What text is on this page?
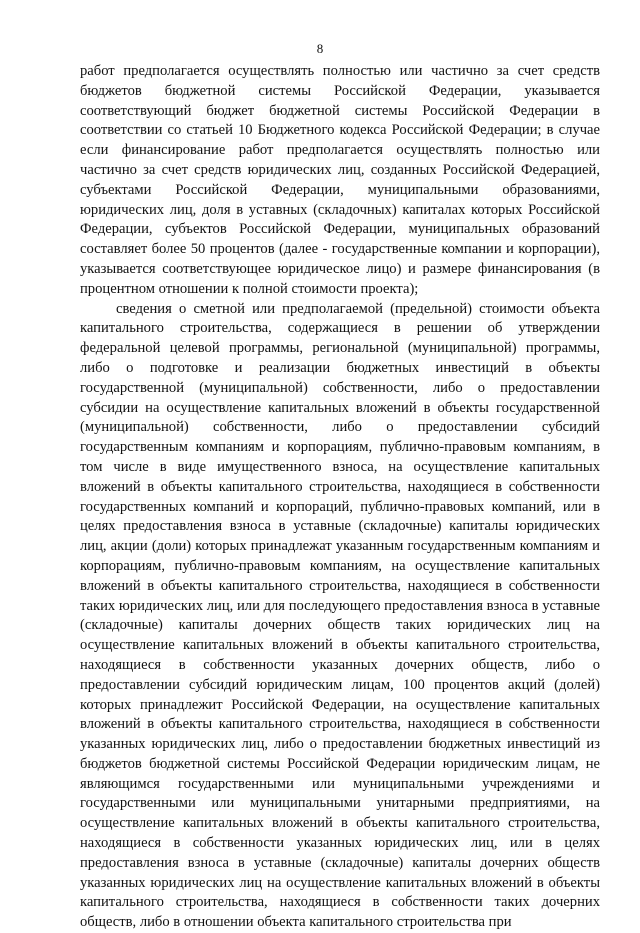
8

работ предполагается осуществлять полностью или частично за счет средств бюджетов бюджетной системы Российской Федерации, указывается соответствующий бюджет бюджетной системы Российской Федерации в соответствии со статьей 10 Бюджетного кодекса Российской Федерации; в случае если финансирование работ предполагается осуществлять полностью или частично за счет средств юридических лиц, созданных Российской Федерацией, субъектами Российской Федерации, муниципальными образованиями, юридических лиц, доля в уставных (складочных) капиталах которых Российской Федерации, субъектов Российской Федерации, муниципальных образований составляет более 50 процентов (далее - государственные компании и корпорации), указывается соответствующее юридическое лицо) и размере финансирования (в процентном отношении к полной стоимости проекта);

сведения о сметной или предполагаемой (предельной) стоимости объекта капитального строительства, содержащиеся в решении об утверждении федеральной целевой программы, региональной (муниципальной) программы, либо о подготовке и реализации бюджетных инвестиций в объекты государственной (муниципальной) собственности, либо о предоставлении субсидии на осуществление капитальных вложений в объекты государственной (муниципальной) собственности, либо о предоставлении субсидий государственным компаниям и корпорациям, публично-правовым компаниям, в том числе в виде имущественного взноса, на осуществление капитальных вложений в объекты капитального строительства, находящиеся в собственности государственных компаний и корпораций, публично-правовых компаний, или в целях предоставления взноса в уставные (складочные) капиталы юридических лиц, акции (доли) которых принадлежат указанным государственным компаниям и корпорациям, публично-правовым компаниям, на осуществление капитальных вложений в объекты капитального строительства, находящиеся в собственности таких юридических лиц, или для последующего предоставления взноса в уставные (складочные) капиталы дочерних обществ таких юридических лиц на осуществление капитальных вложений в объекты капитального строительства, находящиеся в собственности указанных дочерних обществ, либо о предоставлении субсидий юридическим лицам, 100 процентов акций (долей) которых принадлежит Российской Федерации, на осуществление капитальных вложений в объекты капитального строительства, находящиеся в собственности указанных юридических лиц, либо о предоставлении бюджетных инвестиций из бюджетов бюджетной системы Российской Федерации юридическим лицам, не являющимся государственными или муниципальными учреждениями и государственными или муниципальными унитарными предприятиями, на осуществление капитальных вложений в объекты капитального строительства, находящиеся в собственности указанных юридических лиц, или в целях предоставления взноса в уставные (складочные) капиталы дочерних обществ указанных юридических лиц на осуществление капитальных вложений в объекты капитального строительства, находящиеся в собственности таких дочерних обществ, либо в отношении объекта капитального строительства при
